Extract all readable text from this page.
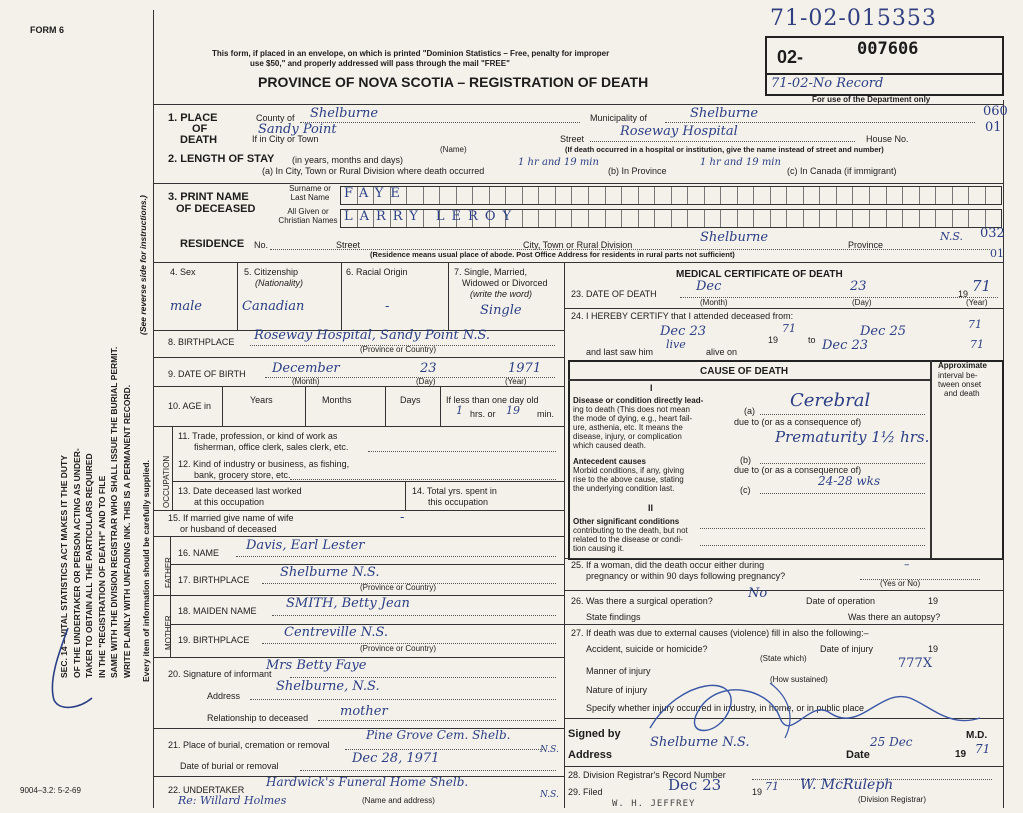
FORM 6	71-02-015353
This form, if placed in an envelope, on which is printed "Dominion Statistics – Free, penalty for improper
use $50," and properly addressed will pass through the mail "FREE"
PROVINCE OF NOVA SCOTIA – REGISTRATION OF DEATH
02-	007606
71-02-No Record
For use of the Department only
SEC. 14 – VITAL STATISTICS ACT MAKES IT THE DUTY OF THE UNDERTAKER OR PERSON ACTING AS UNDER- TAKER TO OBTAIN ALL THE PARTICULARS REQUIRED IN THE "REGISTRATION OF DEATH" AND TO FILE SAME WITH THE DIVISION REGISTRAR WHO SHALL ISSUE THE BURIAL PERMIT. WRITE PLAINLY WITH UNFADING INK. THIS IS A PERMANENT RECORD.
(See reverse side for instructions.)
Every item of information should be carefully supplied.
1. PLACE
OF
DEATH
County of Shelburne	Municipality of	Shelburne	060
If in City or Town
Sandy Point
(Name)
Street	Roseway Hospital	House No.
01
(If death occurred in a hospital or institution, give the name instead of street and number)
2. LENGTH OF STAY (in years, months and days)
(a) In City, Town or Rural Division where death occurred
1 hr and 19 min
(b) In Province
1 hr and 19 min
(c) In Canada (if immigrant)
3. PRINT NAME
OF DECEASED
Surname or Last Name	FAYE
All Given or Christian Names LARRY LEROY
RESIDENCE No.	Street	City, Town or Rural Division	Shelburne	Province
N.S. 032
01
(Residence means usual place of abode. Post Office Address for residents in rural parts not sufficient)
4. Sex
male
5. Citizenship
(Nationality)
Canadian
6. Racial Origin
-
7. Single, Married,
Widowed or Divorced
(write the word)
Single
8. BIRTHPLACE Roseway Hospital, Sandy Point N.S.
(Province or Country)
9. DATE OF BIRTH December	23	1971
(Month)	(Day)	(Year)
10. AGE in
Years	Months	Days	If less than one day old
1 hrs. or 19 min.
OCCUPATION
11. Trade, profession, or kind of work as
fisherman, office clerk, sales clerk, etc.
12. Kind of industry or business, as fishing,
bank, grocery store, etc.
13. Date deceased last worked
at this occupation
14. Total yrs. spent in
this occupation
15. If married give name of wife
or husband of deceased
-
FATHER
16. NAME Davis, Earl Lester
17. BIRTHPLACE Shelburne N.S.
(Province or Country)
MOTHER
18. MAIDEN NAME SMITH, Betty Jean
19. BIRTHPLACE	Centreville N.S.
(Province or Country)
20. Signature of informant
Mrs Betty Faye
Address
Shelburne, N.S.
Relationship to deceased mother
21. Place of burial, cremation or removal
Pine Grove Cem. Shelb.
N.S.
Date of burial or removal	Dec 28, 1971
22. UNDERTAKER
Hardwick's Funeral Home Shelb.
N.S.
(Name and address)
Re: Willard Holmes
9004–3.2: 5-2-69
MEDICAL CERTIFICATE OF DEATH
23. DATE OF DEATH	Dec	23	19 71
(Month)	(Day)	(Year)
24. I HEREBY CERTIFY that I attended deceased from:
Dec 23
19
71
to
Dec 25	71
and last saw him
live
alive on	Dec 23	71
CAUSE OF DEATH
Approximate
interval be-
tween onset
and death
I
Disease or condition directly lead-
ing to death (This does not mean
the mode of dying, e.g., heart fail-
ure, asthenia, etc. It means the
disease, injury, or complication
which caused death.
(a) Cerebral
due to (or as a consequence of)
Prematurity 1½ hrs.
Antecedent causes
Morbid conditions, if any, giving
rise to the above cause, stating
the underlying condition last.
(b)
due to (or as a consequence of)
24-28 wks
(c)
II
Other significant conditions
contributing to the death, but not
related to the disease or condi-
tion causing it.
25. If a woman, did the death occur either during
pregnancy or within 90 days following pregnancy?
–
(Yes or No)
26. Was there a surgical operation?	No	Date of operation	19
State findings	Was there an autopsy?
27. If death was due to external causes (violence) fill in also the following:–
Accident, suicide or homicide?
(State which)
Date of injury	19
Manner of injury	777X
(How sustained)
Nature of injury
Specify whether injury occurred in industry, in home, or in public place
Signed by	M.D.
Address
Shelburne N.S.
Date
25 Dec
19 71
28. Division Registrar's Record Number
29. Filed	Dec 23	19 71 W. McRuleph
(Division Registrar)
W. H. JEFFREY
